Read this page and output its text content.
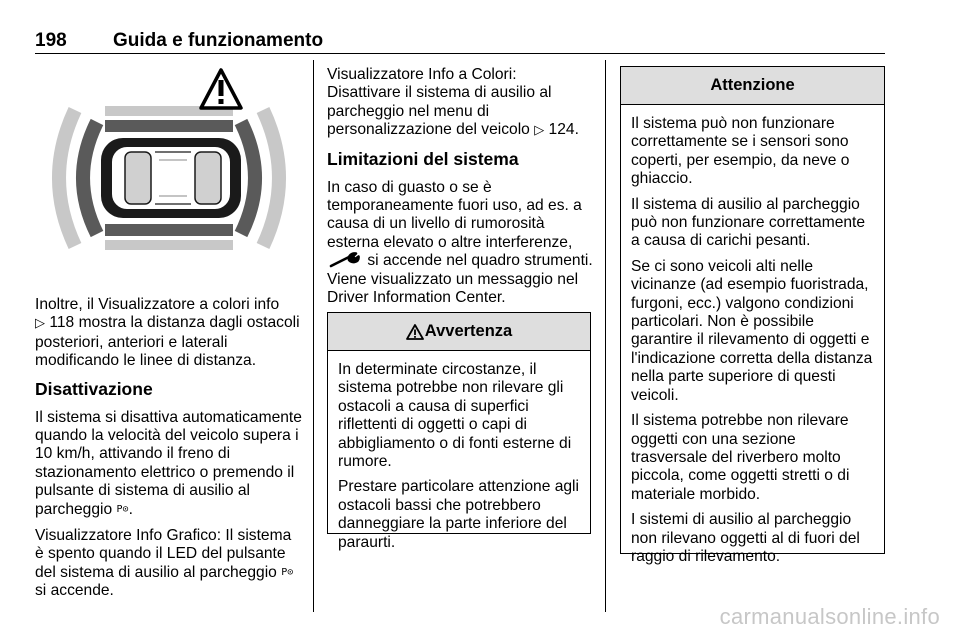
198 Guida e funzionamento

Inoltre, il Visualizzatore a colori info
▷ 118 mostra la distanza dagli ostacoli posteriori, anteriori e laterali modificando le linee di distanza.

Disattivazione

Il sistema si disattiva automaticamente quando la velocità del veicolo supera i 10 km/h, attivando il freno di stazionamento elettrico o premendo il pulsante di sistema di ausilio al parcheggio P⊙.

Visualizzatore Info Grafico: Il sistema è spento quando il LED del pulsante del sistema di ausilio al parcheggio P⊙ si accende.

Visualizzatore Info a Colori: Disattivare il sistema di ausilio al parcheggio nel menu di personalizzazione del veicolo ▷ 124.

Limitazioni del sistema

In caso di guasto o se è temporaneamente fuori uso, ad es. a causa di un livello di rumorosità esterna elevato o altre interferenze,  si accende nel quadro strumenti. Viene visualizzato un messaggio nel Driver Information Center.

Avvertenza

In determinate circostanze, il sistema potrebbe non rilevare gli ostacoli a causa di superfici riflettenti di oggetti o capi di abbigliamento o di fonti esterne di rumore.

Prestare particolare attenzione agli ostacoli bassi che potrebbero danneggiare la parte inferiore del paraurti.

Attenzione

Il sistema può non funzionare correttamente se i sensori sono coperti, per esempio, da neve o ghiaccio.

Il sistema di ausilio al parcheggio può non funzionare correttamente a causa di carichi pesanti.

Se ci sono veicoli alti nelle vicinanze (ad esempio fuoristrada, furgoni, ecc.) valgono condizioni particolari. Non è possibile garantire il rilevamento di oggetti e l'indicazione corretta della distanza nella parte superiore di questi veicoli.

Il sistema potrebbe non rilevare oggetti con una sezione trasversale del riverbero molto piccola, come oggetti stretti o di materiale morbido.

I sistemi di ausilio al parcheggio non rilevano oggetti al di fuori del raggio di rilevamento.

carmanualsonline.info
